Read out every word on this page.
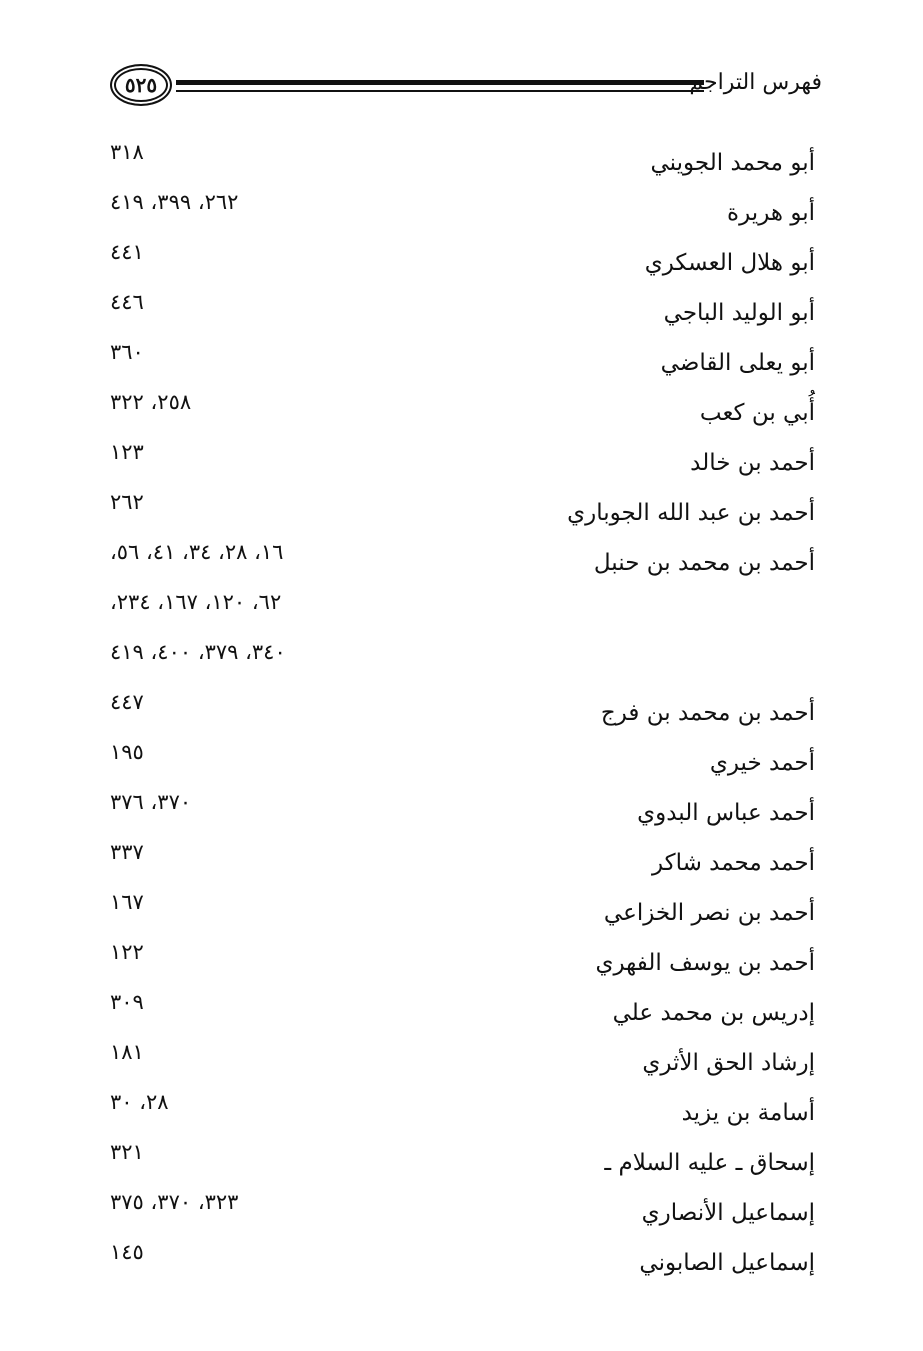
٥٢٥	فهرس التراجم
أبو محمد الجويني
٣١٨
أبو هريرة
٢٦٢، ٣٩٩، ٤١٩
أبو هلال العسكري
٤٤١
أبو الوليد الباجي
٤٤٦
أبو يعلى القاضي
٣٦٠
أُبي بن كعب
٢٥٨، ٣٢٢
أحمد بن خالد
١٢٣
أحمد بن عبد الله الجوباري
٢٦٢
أحمد بن محمد بن حنبل
١٦، ٢٨، ٣٤، ٤١، ٥٦،
٦٢، ١٢٠، ١٦٧، ٢٣٤،
٣٤٠، ٣٧٩، ٤٠٠، ٤١٩
أحمد بن محمد بن فرج
٤٤٧
أحمد خيري
١٩٥
أحمد عباس البدوي
٣٧٠، ٣٧٦
أحمد محمد شاكر
٣٣٧
أحمد بن نصر الخزاعي
١٦٧
أحمد بن يوسف الفهري
١٢٢
إدريس بن محمد علي
٣٠٩
إرشاد الحق الأثري
١٨١
أسامة بن يزيد
٢٨، ٣٠
إسحاق ـ عليه السلام ـ
٣٢١
إسماعيل الأنصاري
٣٢٣، ٣٧٠، ٣٧٥
إسماعيل الصابوني
١٤٥
